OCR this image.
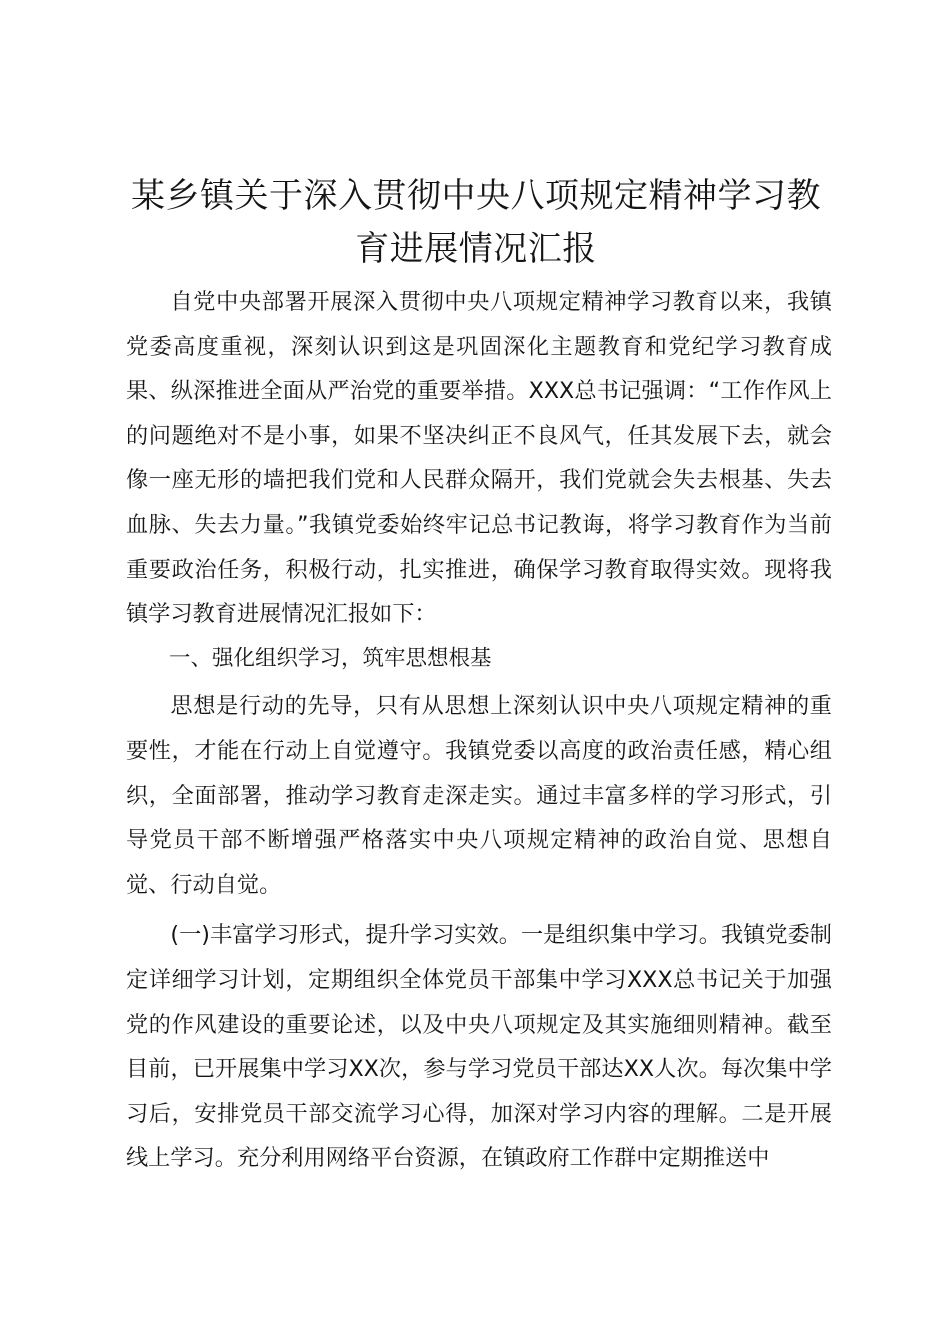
某乡镇关于深入贯彻中央八项规定精神学习教育进展情况汇报

自党中央部署开展深入贯彻中央八项规定精神学习教育以来，我镇党委高度重视，深刻认识到这是巩固深化主题教育和党纪学习教育成果、纵深推进全面从严治党的重要举措。XXX总书记强调：“工作作风上的问题绝对不是小事，如果不坚决纠正不良风气，任其发展下去，就会像一座无形的墙把我们党和人民群众隔开，我们党就会失去根基、失去血脉、失去力量。”我镇党委始终牢记总书记教诲，将学习教育作为当前重要政治任务，积极行动，扎实推进，确保学习教育取得实效。现将我镇学习教育进展情况汇报如下：

一、强化组织学习，筑牢思想根基

思想是行动的先导，只有从思想上深刻认识中央八项规定精神的重要性，才能在行动上自觉遵守。我镇党委以高度的政治责任感，精心组织，全面部署，推动学习教育走深走实。通过丰富多样的学习形式，引导党员干部不断增强严格落实中央八项规定精神的政治自觉、思想自觉、行动自觉。

(一)丰富学习形式，提升学习实效。一是组织集中学习。我镇党委制定详细学习计划，定期组织全体党员干部集中学习XXX总书记关于加强党的作风建设的重要论述，以及中央八项规定及其实施细则精神。截至目前，已开展集中学习XX次，参与学习党员干部达XX人次。每次集中学习后，安排党员干部交流学习心得，加深对学习内容的理解。二是开展线上学习。充分利用网络平台资源，在镇政府工作群中定期推送中
